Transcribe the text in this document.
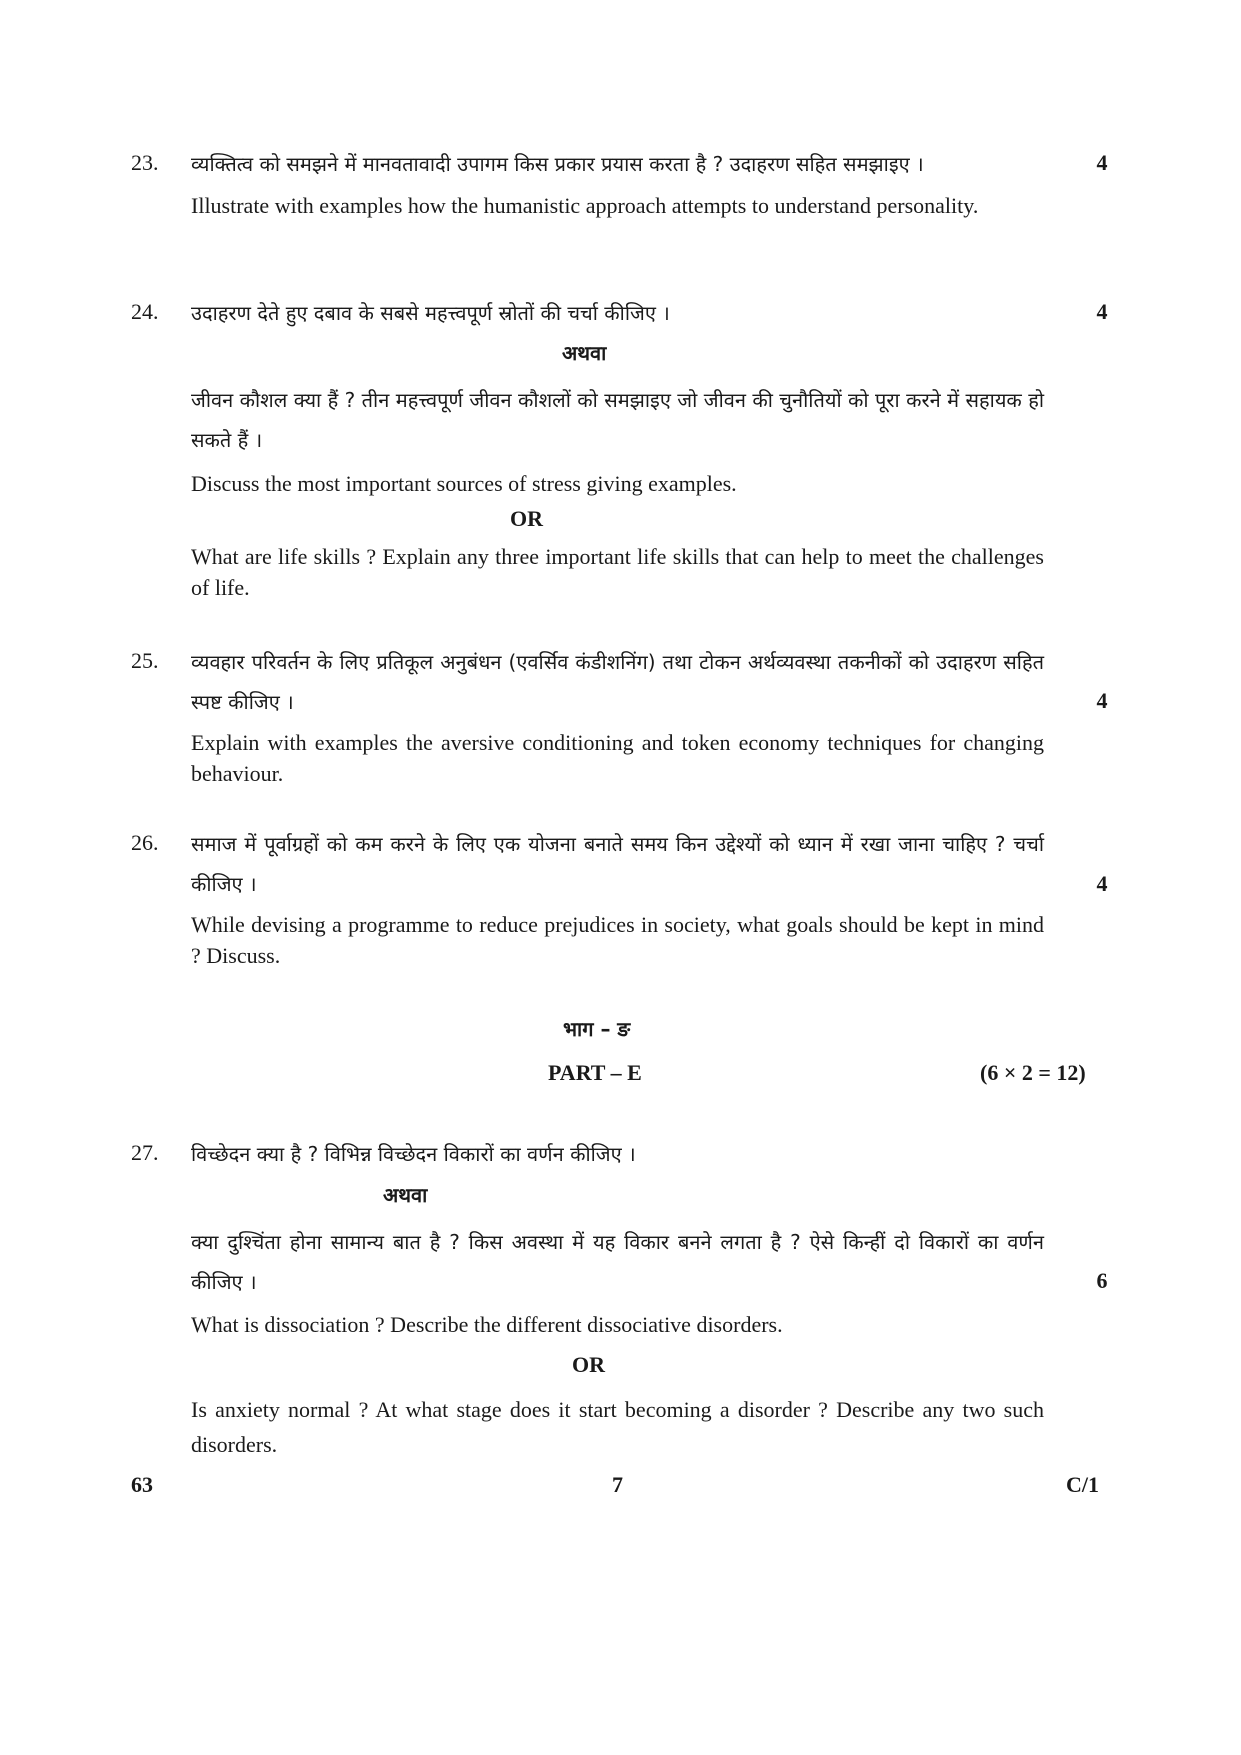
23. व्यक्तित्व को समझने में मानवतावादी उपागम किस प्रकार प्रयास करता है ? उदाहरण सहित समझाइए ।	4
Illustrate with examples how the humanistic approach attempts to understand personality.
24. उदाहरण देते हुए दबाव के सबसे महत्त्वपूर्ण स्रोतों की चर्चा कीजिए ।	4
अथवा
जीवन कौशल क्या हैं ? तीन महत्त्वपूर्ण जीवन कौशलों को समझाइए जो जीवन की चुनौतियों को पूरा करने में सहायक हो सकते हैं ।
Discuss the most important sources of stress giving examples.
OR
What are life skills ? Explain any three important life skills that can help to meet the challenges of life.
25. व्यवहार परिवर्तन के लिए प्रतिकूल अनुबंधन (एवर्सिव कंडीशनिंग) तथा टोकन अर्थव्यवस्था तकनीकों को उदाहरण सहित स्पष्ट कीजिए ।	4
Explain with examples the aversive conditioning and token economy techniques for changing behaviour.
26. समाज में पूर्वाग्रहों को कम करने के लिए एक योजना बनाते समय किन उद्देश्यों को ध्यान में रखा जाना चाहिए ? चर्चा कीजिए ।	4
While devising a programme to reduce prejudices in society, what goals should be kept in mind ? Discuss.
भाग – ङ
PART – E	(6 × 2 = 12)
27. विच्छेदन क्या है ? विभिन्न विच्छेदन विकारों का वर्णन कीजिए ।
अथवा
क्या दुश्चिंता होना सामान्य बात है ? किस अवस्था में यह विकार बनने लगता है ? ऐसे किन्हीं दो विकारों का वर्णन कीजिए ।	6
What is dissociation ? Describe the different dissociative disorders.
OR
Is anxiety normal ? At what stage does it start becoming a disorder ? Describe any two such disorders.
63	7	C/1
